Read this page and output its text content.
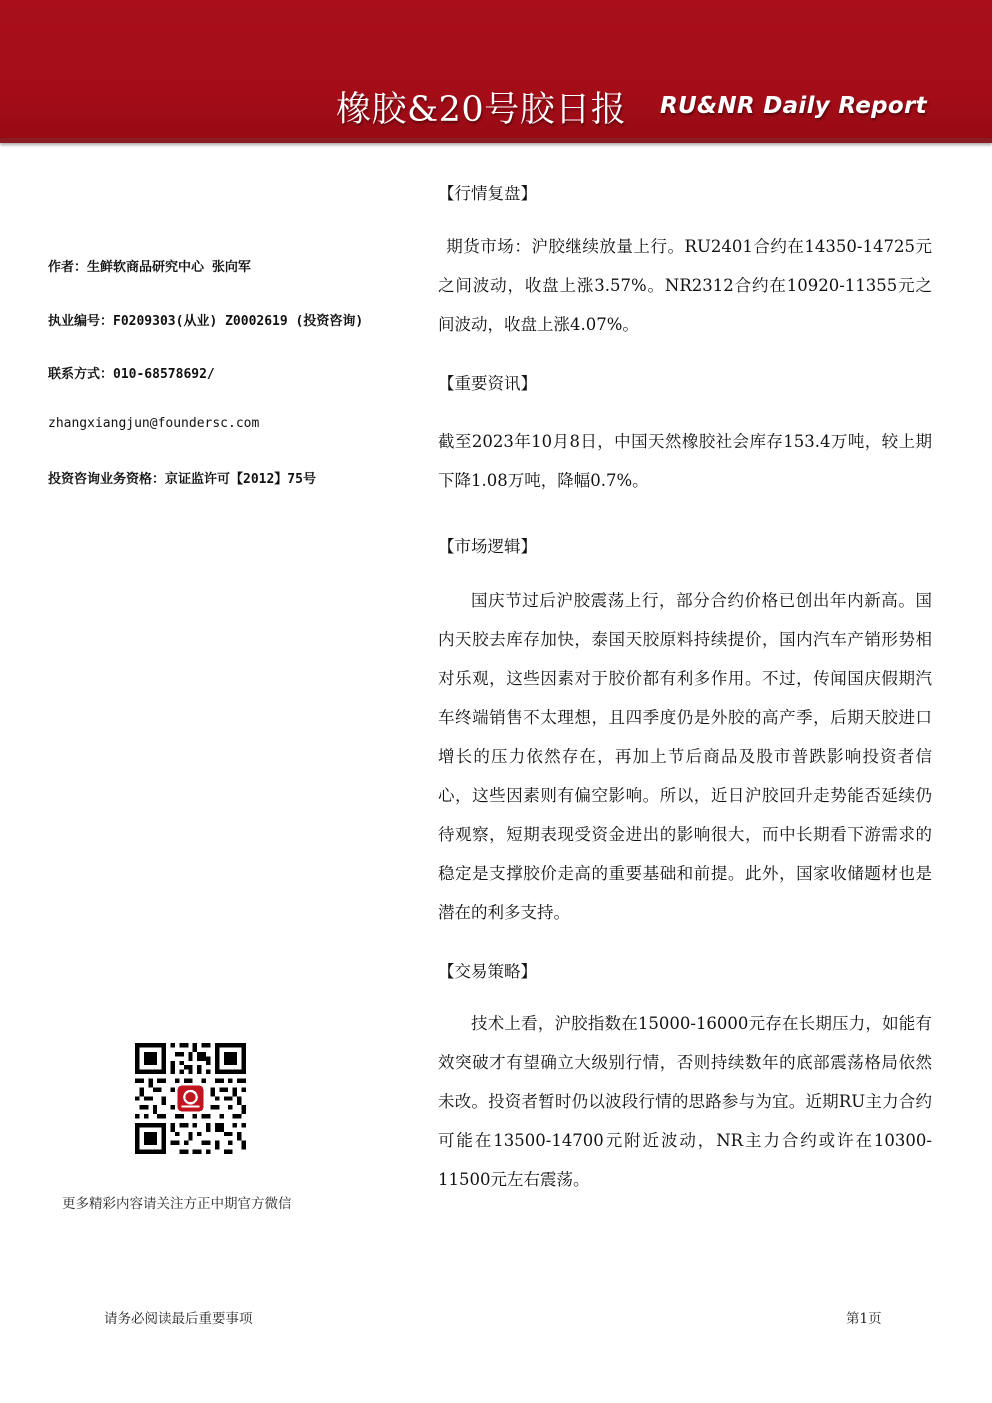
橡胶&20号胶日报 RU&NR Daily Report
作者：生鲜软商品研究中心 张向军
执业编号：F0209303(从业) Z0002619 (投资咨询)
联系方式：010-68578692/
zhangxiangjun@foundersc.com
投资咨询业务资格：京证监许可【2012】75号
更多精彩内容请关注方正中期官方微信
【行情复盘】
期货市场：沪胶继续放量上行。RU2401合约在14350-14725元之间波动，收盘上涨3.57%。NR2312合约在10920-11355元之间波动，收盘上涨4.07%。
【重要资讯】
截至2023年10月8日，中国天然橡胶社会库存153.4万吨，较上期下降1.08万吨，降幅0.7%。
【市场逻辑】
国庆节过后沪胶震荡上行，部分合约价格已创出年内新高。国内天胶去库存加快，泰国天胶原料持续提价，国内汽车产销形势相对乐观，这些因素对于胶价都有利多作用。不过，传闻国庆假期汽车终端销售不太理想，且四季度仍是外胶的高产季，后期天胶进口增长的压力依然存在，再加上节后商品及股市普跌影响投资者信心，这些因素则有偏空影响。所以，近日沪胶回升走势能否延续仍待观察，短期表现受资金进出的影响很大，而中长期看下游需求的稳定是支撑胶价走高的重要基础和前提。此外，国家收储题材也是潜在的利多支持。
【交易策略】
技术上看，沪胶指数在15000-16000元存在长期压力，如能有效突破才有望确立大级别行情，否则持续数年的底部震荡格局依然未改。投资者暂时仍以波段行情的思路参与为宜。近期RU主力合约可能在13500-14700元附近波动，NR主力合约或许在10300-11500元左右震荡。
请务必阅读最后重要事项	第1页
